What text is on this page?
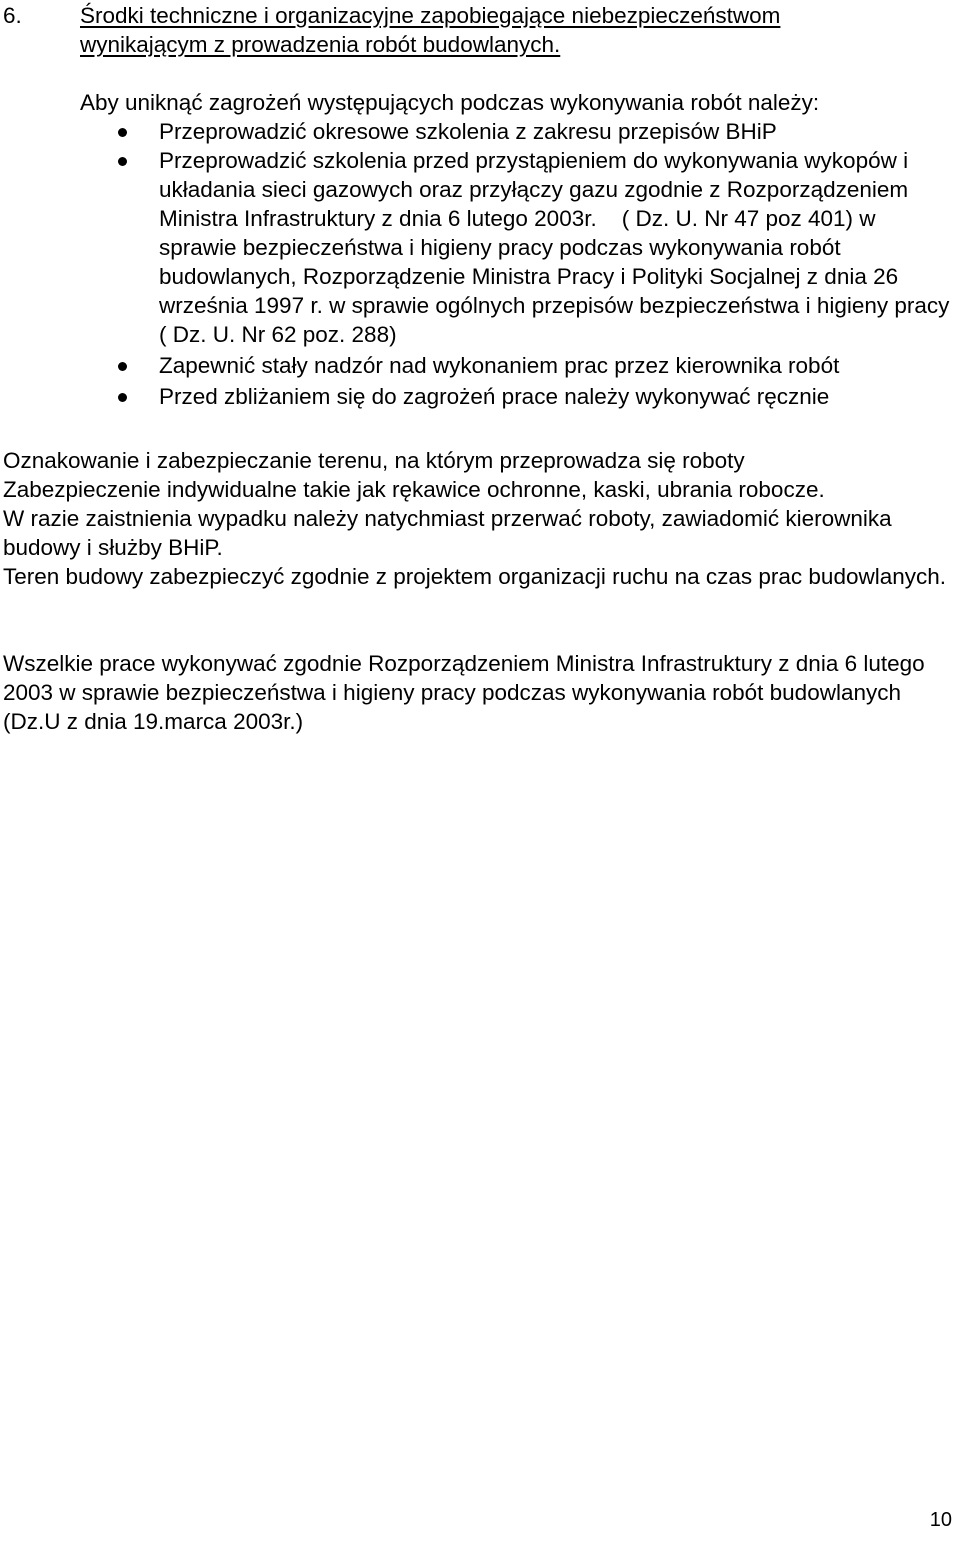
6.	Środki techniczne i organizacyjne zapobiegające niebezpieczeństwom wynikającym z prowadzenia robót budowlanych.
Aby uniknąć zagrożeń występujących podczas wykonywania robót należy:
Przeprowadzić okresowe szkolenia z zakresu przepisów BHiP
Przeprowadzić szkolenia przed przystąpieniem do wykonywania wykopów i układania sieci gazowych oraz przyłączy gazu zgodnie z Rozporządzeniem Ministra Infrastruktury z dnia 6 lutego 2003r.    ( Dz. U. Nr 47 poz 401) w sprawie bezpieczeństwa i higieny pracy podczas wykonywania robót budowlanych, Rozporządzenie Ministra Pracy i Polityki Socjalnej z dnia 26 września 1997 r. w sprawie ogólnych przepisów bezpieczeństwa i higieny pracy ( Dz. U. Nr 62 poz. 288)
Zapewnić stały nadzór nad wykonaniem prac przez kierownika robót
Przed zbliżaniem się do zagrożeń prace należy wykonywać ręcznie

Oznakowanie i zabezpieczanie terenu, na którym przeprowadza się roboty

Zabezpieczenie indywidualne takie jak rękawice ochronne, kaski, ubrania robocze.

W razie zaistnienia wypadku należy natychmiast przerwać roboty, zawiadomić kierownika budowy i służby BHiP.

Teren budowy zabezpieczyć zgodnie z projektem organizacji ruchu na czas prac budowlanych.

Wszelkie prace wykonywać zgodnie Rozporządzeniem Ministra Infrastruktury z dnia 6 lutego 2003 w sprawie bezpieczeństwa i higieny pracy podczas wykonywania robót budowlanych (Dz.U z dnia 19.marca 2003r.)

10
